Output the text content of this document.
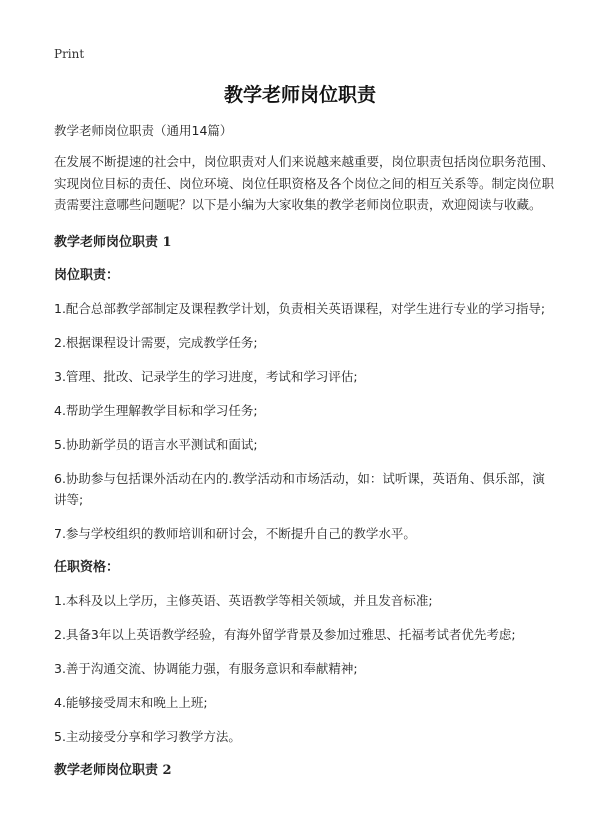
Print
教学老师岗位职责

教学老师岗位职责（通用14篇）

在发展不断提速的社会中，岗位职责对人们来说越来越重要，岗位职责包括岗位职务范围、实现岗位目标的责任、岗位环境、岗位任职资格及各个岗位之间的相互关系等。制定岗位职责需要注意哪些问题呢？以下是小编为大家收集的教学老师岗位职责，欢迎阅读与收藏。

教学老师岗位职责 1
岗位职责：

1.配合总部教学部制定及课程教学计划，负责相关英语课程，对学生进行专业的学习指导;

2.根据课程设计需要，完成教学任务;

3.管理、批改、记录学生的学习进度，考试和学习评估;

4.帮助学生理解教学目标和学习任务;

5.协助新学员的语言水平测试和面试;

6.协助参与包括课外活动在内的.教学活动和市场活动，如：试听课，英语角、俱乐部，演讲等;

7.参与学校组织的教师培训和研讨会，不断提升自己的教学水平。

任职资格：

1.本科及以上学历，主修英语、英语教学等相关领域，并且发音标准;

2.具备3年以上英语教学经验，有海外留学背景及参加过雅思、托福考试者优先考虑;

3.善于沟通交流、协调能力强，有服务意识和奉献精神;

4.能够接受周末和晚上上班;

5.主动接受分享和学习教学方法。

教学老师岗位职责 2
